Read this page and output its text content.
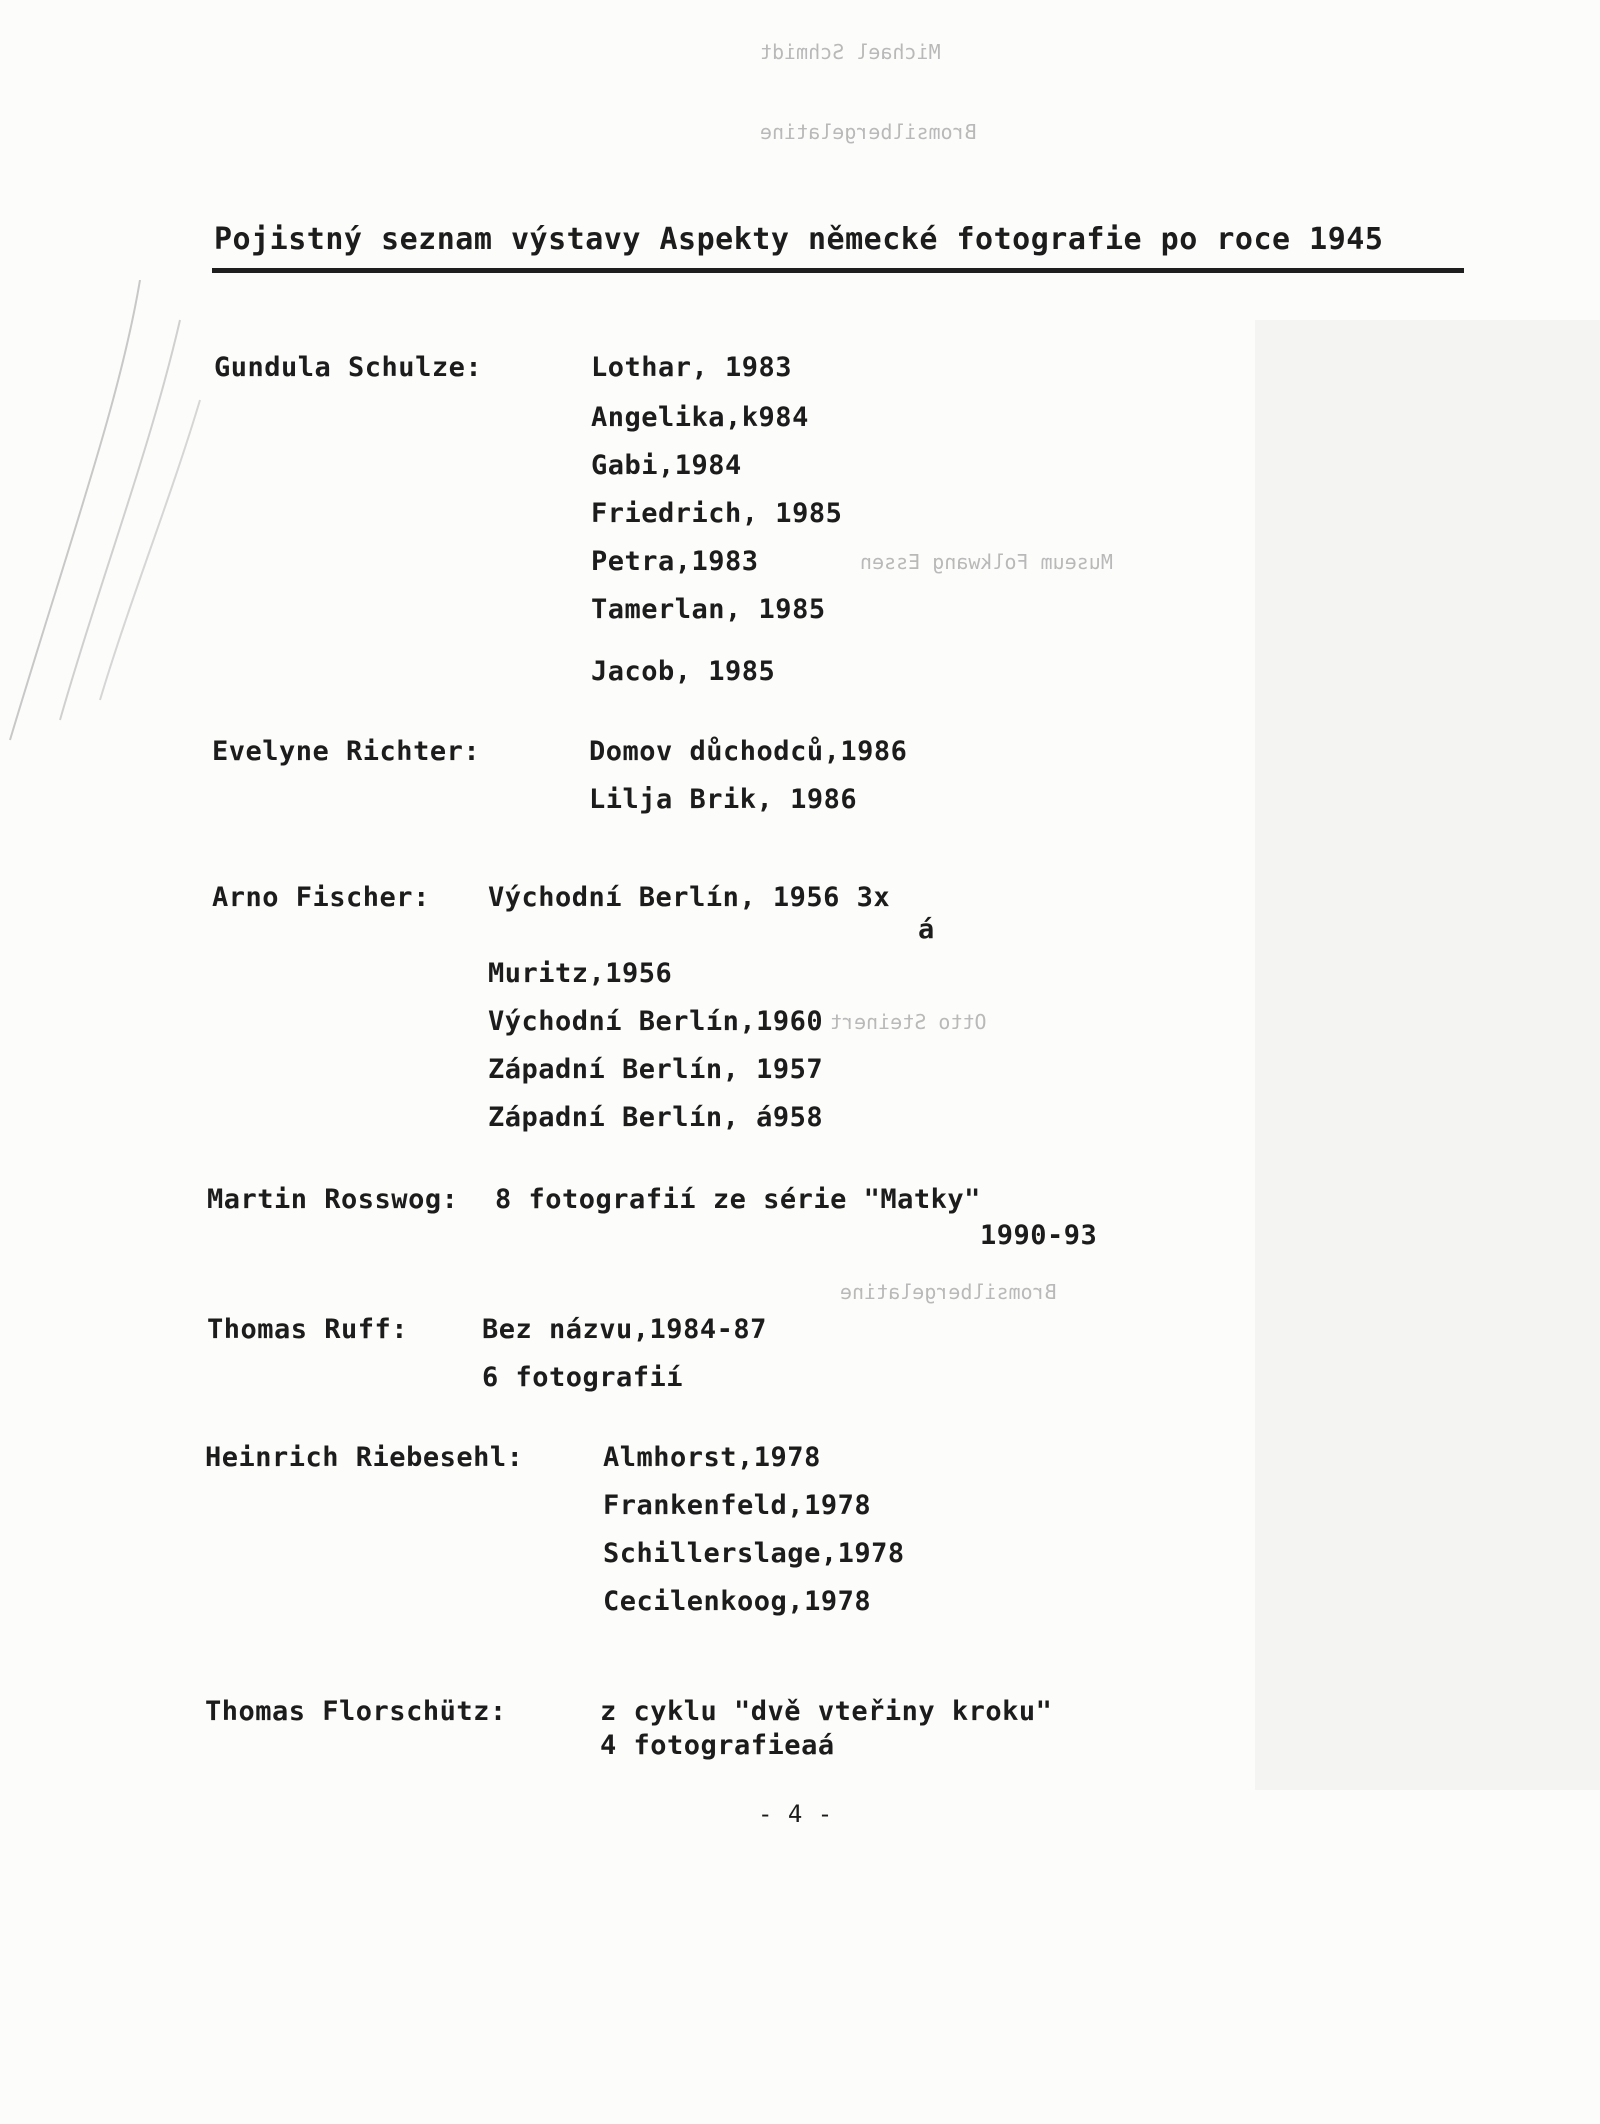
Michael Schmidt
Bromsilbergelatine
Museum Folkwang Essen
Otto Steinert
Bromsilbergelatine
Pojistný seznam výstavy Aspekty německé fotografie po roce 1945
Gundula Schulze:	Lothar, 1983
Angelika,k984
Gabi,1984
Friedrich, 1985
Petra,1983
Tamerlan, 1985
Jacob, 1985
Evelyne Richter:	Domov důchodců,1986
Lilja Brik, 1986
Arno Fischer: Východní Berlín, 1956 3x
á
Muritz,1956
Východní Berlín,1960
Západní Berlín, 1957
Západní Berlín, á958
Martin Rosswog: 8 fotografií ze série "Matky"
1990-93
Thomas Ruff:	Bez názvu,1984-87
6 fotografií
Heinrich Riebesehl:	Almhorst,1978
Frankenfeld,1978
Schillerslage,1978
Cecilenkoog,1978
Thomas Florschütz:	z cyklu "dvě vteřiny kroku"
4 fotografieaá
- 4 -
